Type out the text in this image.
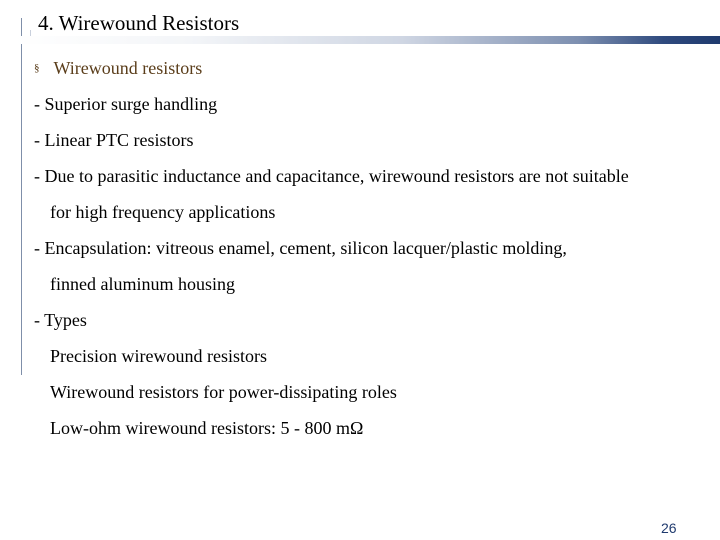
4. Wirewound Resistors
§ Wirewound resistors
- Superior surge handling
- Linear PTC resistors
- Due to parasitic inductance and capacitance, wirewound resistors are not suitable
for high frequency applications
- Encapsulation: vitreous enamel, cement, silicon lacquer/plastic molding,
finned aluminum housing
- Types
Precision wirewound resistors
Wirewound resistors for power-dissipating roles
Low-ohm wirewound resistors: 5 - 800 mΩ
26
